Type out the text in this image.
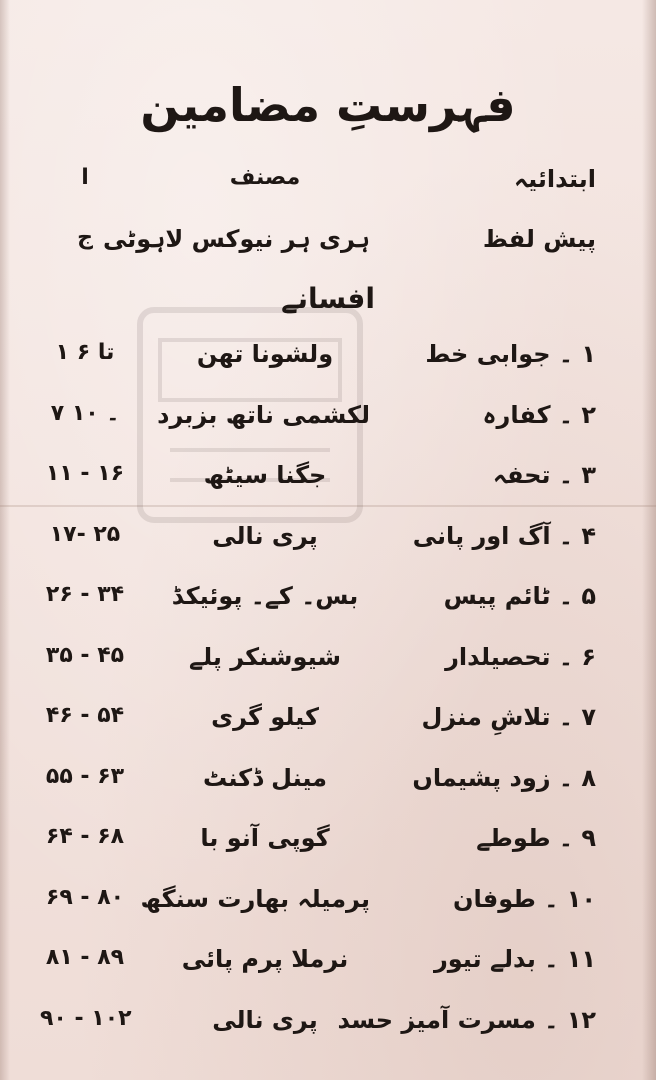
فہرستِ مضامین
ابتدائیہ
مصنف
ا
پیش لفظ
ہری ہر نیوکس لاہوٹی
ج
افسانے
۱ ۔ جوابی خط
ولشونا تھن
۱ تا ۶
۲ ۔ کفارہ
لکشمی ناتھ بزبرد
۷ ۔ ۱۰
۳ ۔ تحفہ
جگنا سیٹھ
۱۱ - ۱۶
۴ ۔ آگ اور پانی
پری نالی
۱۷- ۲۵
۵ ۔ ٹائم پیس
بس۔ کے۔ پوئیکڈ
۲۶ - ۳۴
۶ ۔ تحصیلدار
شیوشنکر پلے
۳۵ - ۴۵
۷ ۔ تلاشِ منزل
کیلو گری
۴۶ - ۵۴
۸ ۔ زود پشیماں
مینل ڈکنٹ
۵۵ - ۶۳
۹ ۔ طوطے
گوپی آنو با
۶۴ - ۶۸
۱۰ ۔ طوفان
پرمیلہ بھارت سنگھ
۶۹ - ۸۰
۱۱ ۔ بدلے تیور
نرملا پرم پائی
۸۱ - ۸۹
۱۲ ۔ مسرت آمیز حسد
پری نالی
۹۰ - ۱۰۲
